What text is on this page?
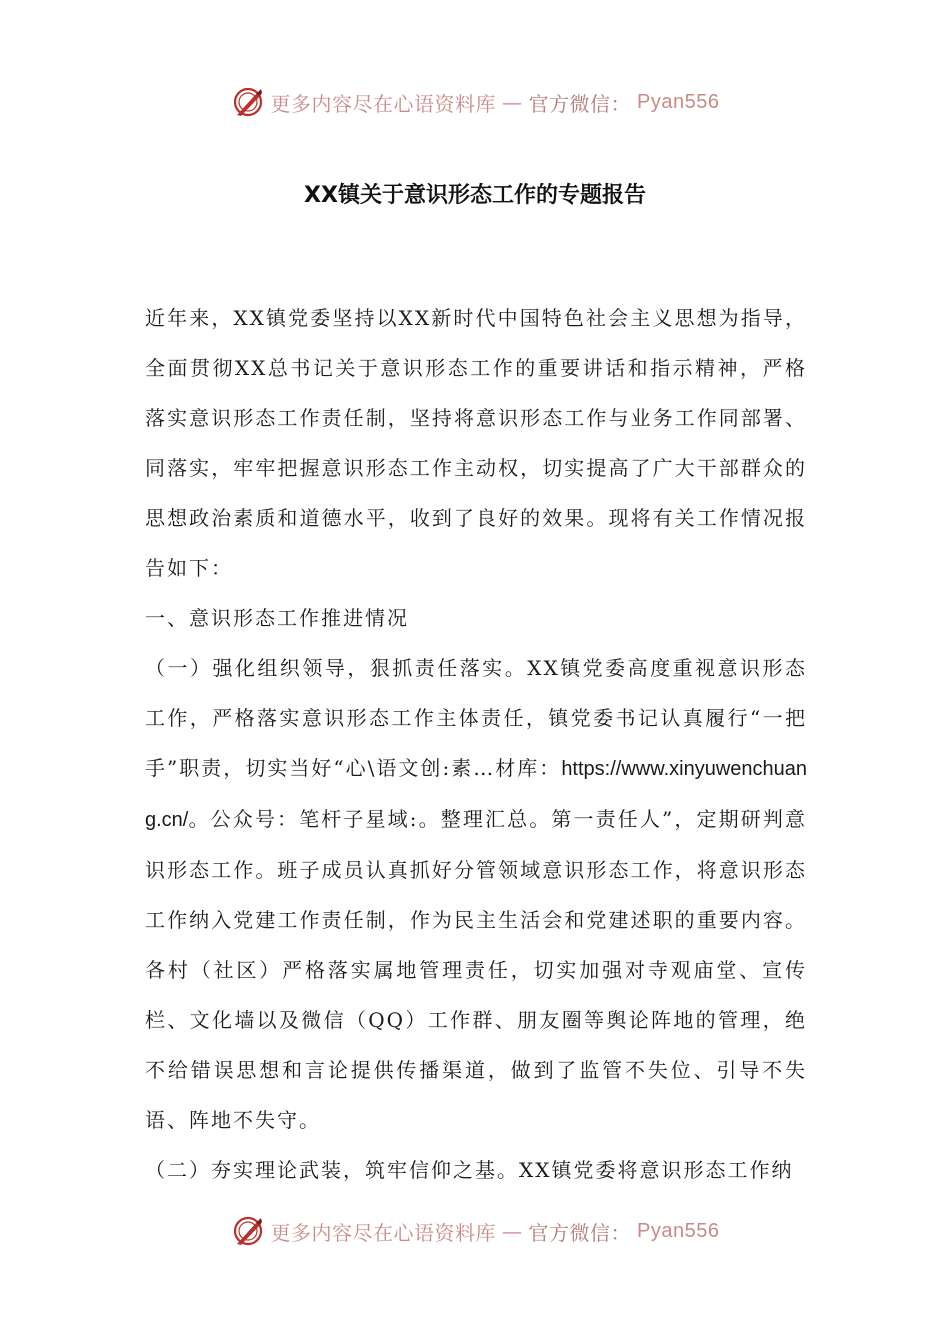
更多内容尽在心语资料库 — 官方微信： Pyan556
XX镇关于意识形态工作的专题报告

近年来，XX镇党委坚持以XX新时代中国特色社会主义思想为指导，全面贯彻XX总书记关于意识形态工作的重要讲话和指示精神，严格落实意识形态工作责任制，坚持将意识形态工作与业务工作同部署、同落实，牢牢把握意识形态工作主动权，切实提高了广大干部群众的思想政治素质和道德水平，收到了良好的效果。现将有关工作情况报告如下：

一、意识形态工作推进情况

（一）强化组织领导，狠抓责任落实。XX镇党委高度重视意识形态工作，严格落实意识形态工作主体责任，镇党委书记认真履行“一把手”职责，切实当好“心\语文创:素…材库：https://www.xinyuwenchuang.cn/。公众号：笔杆子星域:。整理汇总。第一责任人”，定期研判意识形态工作。班子成员认真抓好分管领域意识形态工作，将意识形态工作纳入党建工作责任制，作为民主生活会和党建述职的重要内容。各村（社区）严格落实属地管理责任，切实加强对寺观庙堂、宣传栏、文化墙以及微信（QQ）工作群、朋友圈等舆论阵地的管理，绝不给错误思想和言论提供传播渠道，做到了监管不失位、引导不失语、阵地不失守。

（二）夯实理论武装，筑牢信仰之基。XX镇党委将意识形态工作纳

更多内容尽在心语资料库 — 官方微信： Pyan556
